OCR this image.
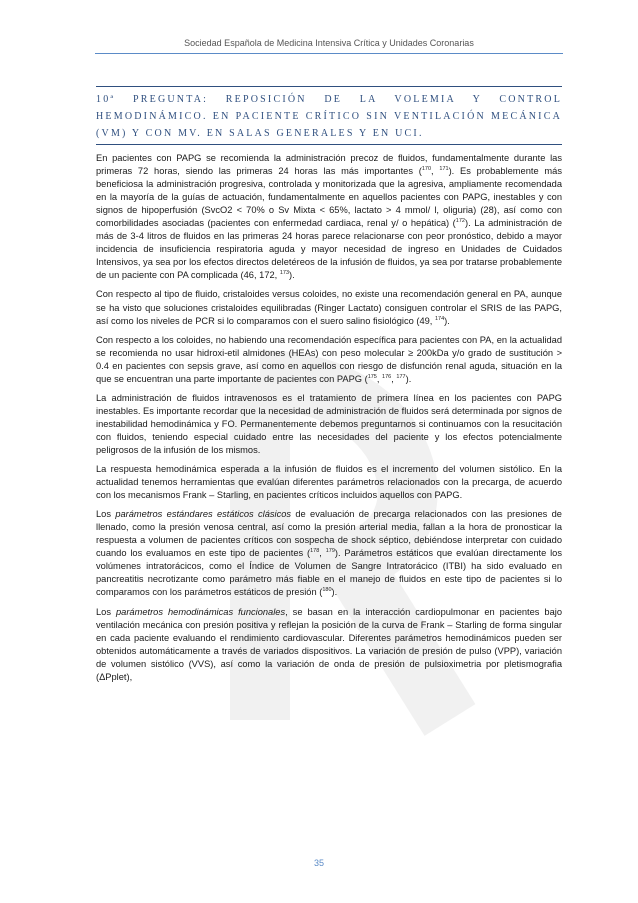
Sociedad Española de Medicina Intensiva Crítica y Unidades Coronarias
10ª PREGUNTA: REPOSICIÓN DE LA VOLEMIA Y CONTROL HEMODINÁMICO. EN PACIENTE CRÍTICO SIN VENTILACIÓN MECÁNICA (VM) Y CON MV. EN SALAS GENERALES Y EN UCI.

En pacientes con PAPG se recomienda la administración precoz de fluidos, fundamentalmente durante las primeras 72 horas, siendo las primeras 24 horas las más importantes ($^{170}$, $^{171}$). Es probablemente más beneficiosa la administración progresiva, controlada y monitorizada que la agresiva, ampliamente recomendada en la mayoría de la guías de actuación, fundamentalmente en aquellos pacientes con PAPG, inestables y con signos de hipoperfusión (SvcO2 < 70% o Sv Mixta < 65%, lactato > 4 mmol/ l, oliguria) (28), así como con comorbilidades asociadas (pacientes con enfermedad cardiaca, renal y/ o hepática) ($^{172}$). La administración de más de 3-4 litros de fluidos en las primeras 24 horas parece relacionarse con peor pronóstico, debido a mayor incidencia de insuficiencia respiratoria aguda y mayor necesidad de ingreso en Unidades de Cuidados Intensivos, ya sea por los efectos directos deletéreos de la infusión de fluidos, ya sea por tratarse probablemente de un paciente con PA complicada (46, 172, $^{173}$).

Con respecto al tipo de fluido, cristaloides versus coloides, no existe una recomendación general en PA, aunque se ha visto que soluciones cristaloides equilibradas (Ringer Lactato) consiguen controlar el SRIS de las PAPG, así como los niveles de PCR si lo comparamos con el suero salino fisiológico (49, $^{174}$).

Con respecto a los coloides, no habiendo una recomendación específica para pacientes con PA, en la actualidad se recomienda no usar hidroxi-etil almidones (HEAs) con peso molecular ≥ 200kDa y/o grado de sustitución > 0.4 en pacientes con sepsis grave, así como en aquellos con riesgo de disfunción renal aguda, situación en la que se encuentran una parte importante de pacientes con PAPG ($^{175}$, $^{176}$, $^{177}$).

La administración de fluidos intravenosos es el tratamiento de primera línea en los pacientes con PAPG inestables. Es importante recordar que la necesidad de administración de fluidos será determinada por signos de inestabilidad hemodinámica y FO. Permanentemente debemos preguntarnos si continuamos con la resucitación con fluidos, teniendo especial cuidado entre las necesidades del paciente y los efectos potencialmente peligrosos de la infusión de los mismos.

La respuesta hemodinámica esperada a la infusión de fluidos es el incremento del volumen sistólico. En la actualidad tenemos herramientas que evalúan diferentes parámetros relacionados con la precarga, de acuerdo con los mecanismos Frank – Starling, en pacientes críticos incluidos aquellos con PAPG.

Los parámetros estándares estáticos clásicos de evaluación de precarga relacionados con las presiones de llenado, como la presión venosa central, así como la presión arterial media, fallan a la hora de pronosticar la respuesta a volumen de pacientes críticos con sospecha de shock séptico, debiéndose interpretar con cuidado cuando los evaluamos en este tipo de pacientes ($^{178}$, $^{179}$). Parámetros estáticos que evalúan directamente los volúmenes intratorácicos, como el Índice de Volumen de Sangre Intratorácico (ITBI) ha sido evaluado en pancreatitis necrotizante como parámetro más fiable en el manejo de fluidos en este tipo de pacientes si lo comparamos con los parámetros estáticos de presión ($^{180}$).

Los parámetros hemodinámicas funcionales, se basan en la interacción cardiopulmonar en pacientes bajo ventilación mecánica con presión positiva y reflejan la posición de la curva de Frank – Starling de forma singular en cada paciente evaluando el rendimiento cardiovascular. Diferentes parámetros hemodinámicos pueden ser obtenidos automáticamente a través de variados dispositivos. La variación de presión de pulso (VPP), variación de volumen sistólico (VVS), así como la variación de onda de presión de pulsioximetria por pletismografia (ΔPplet),

35
